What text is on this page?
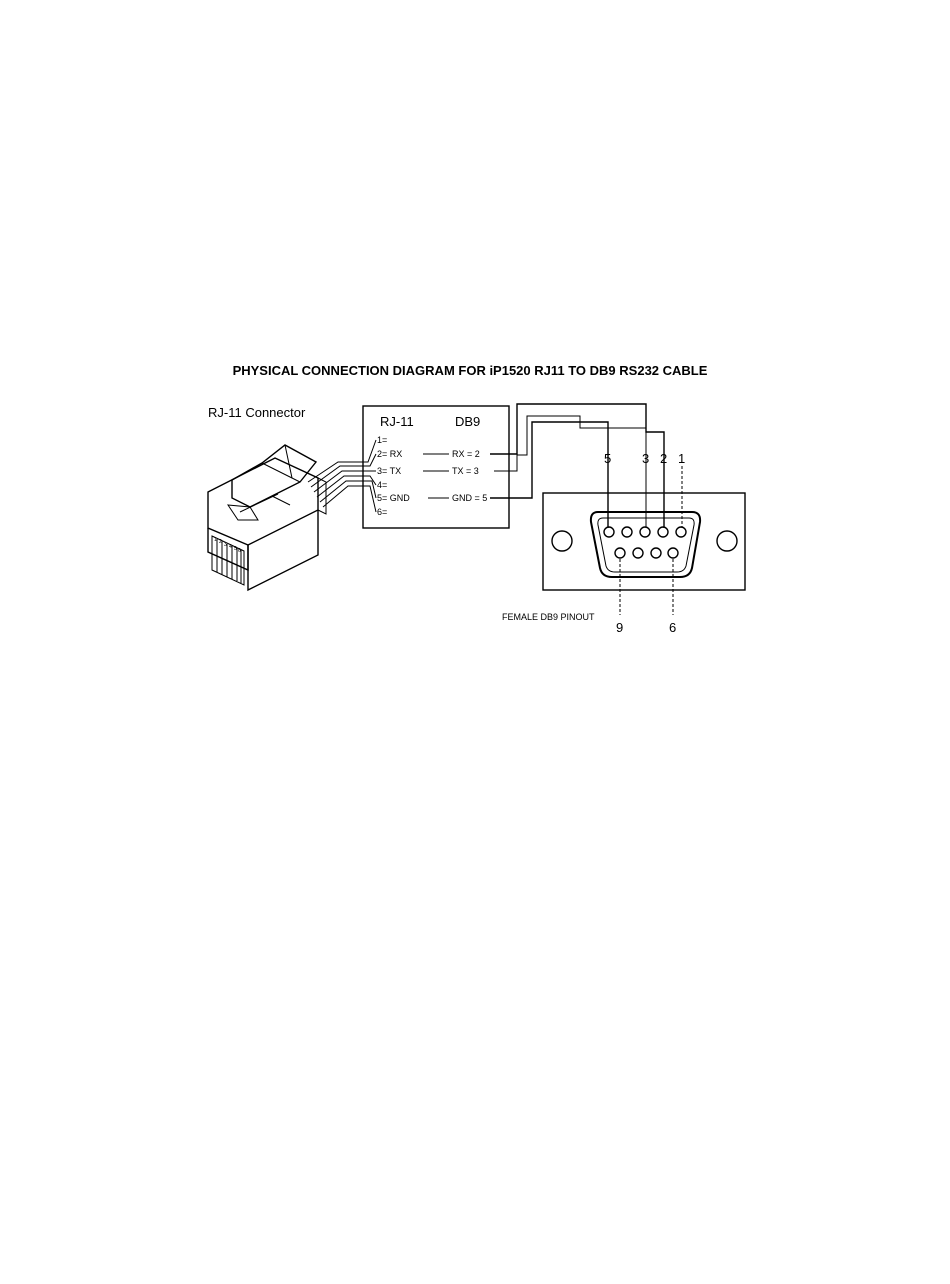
PHYSICAL CONNECTION DIAGRAM FOR iP1520 RJ11 TO DB9 RS232 CABLE
RJ-11 Connector
RJ-11	DB9
1=
2= RX
3= TX
4=
5= GND
6=
RX = 2
TX = 3
GND = 5
5 3 2 1
FEMALE DB9 PINOUT
9	6
1 2 3 4 5 6
